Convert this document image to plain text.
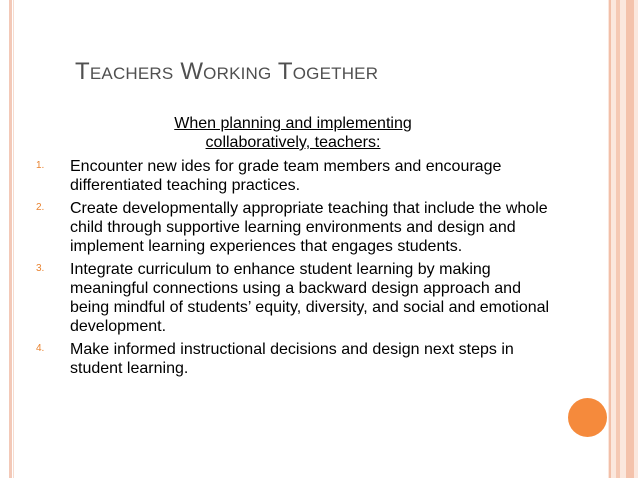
Teachers Working Together
When planning and implementing
collaboratively, teachers:
1.	Encounter new ides for grade team members and encourage differentiated teaching practices.
2.	Create developmentally appropriate teaching that include the whole child through supportive learning environments and design and implement learning experiences that engages students.
3.	Integrate curriculum to enhance student learning by making meaningful connections using a backward design approach and being mindful of students’ equity, diversity, and social and emotional development.
4.	Make informed instructional decisions and design next steps in student learning.
